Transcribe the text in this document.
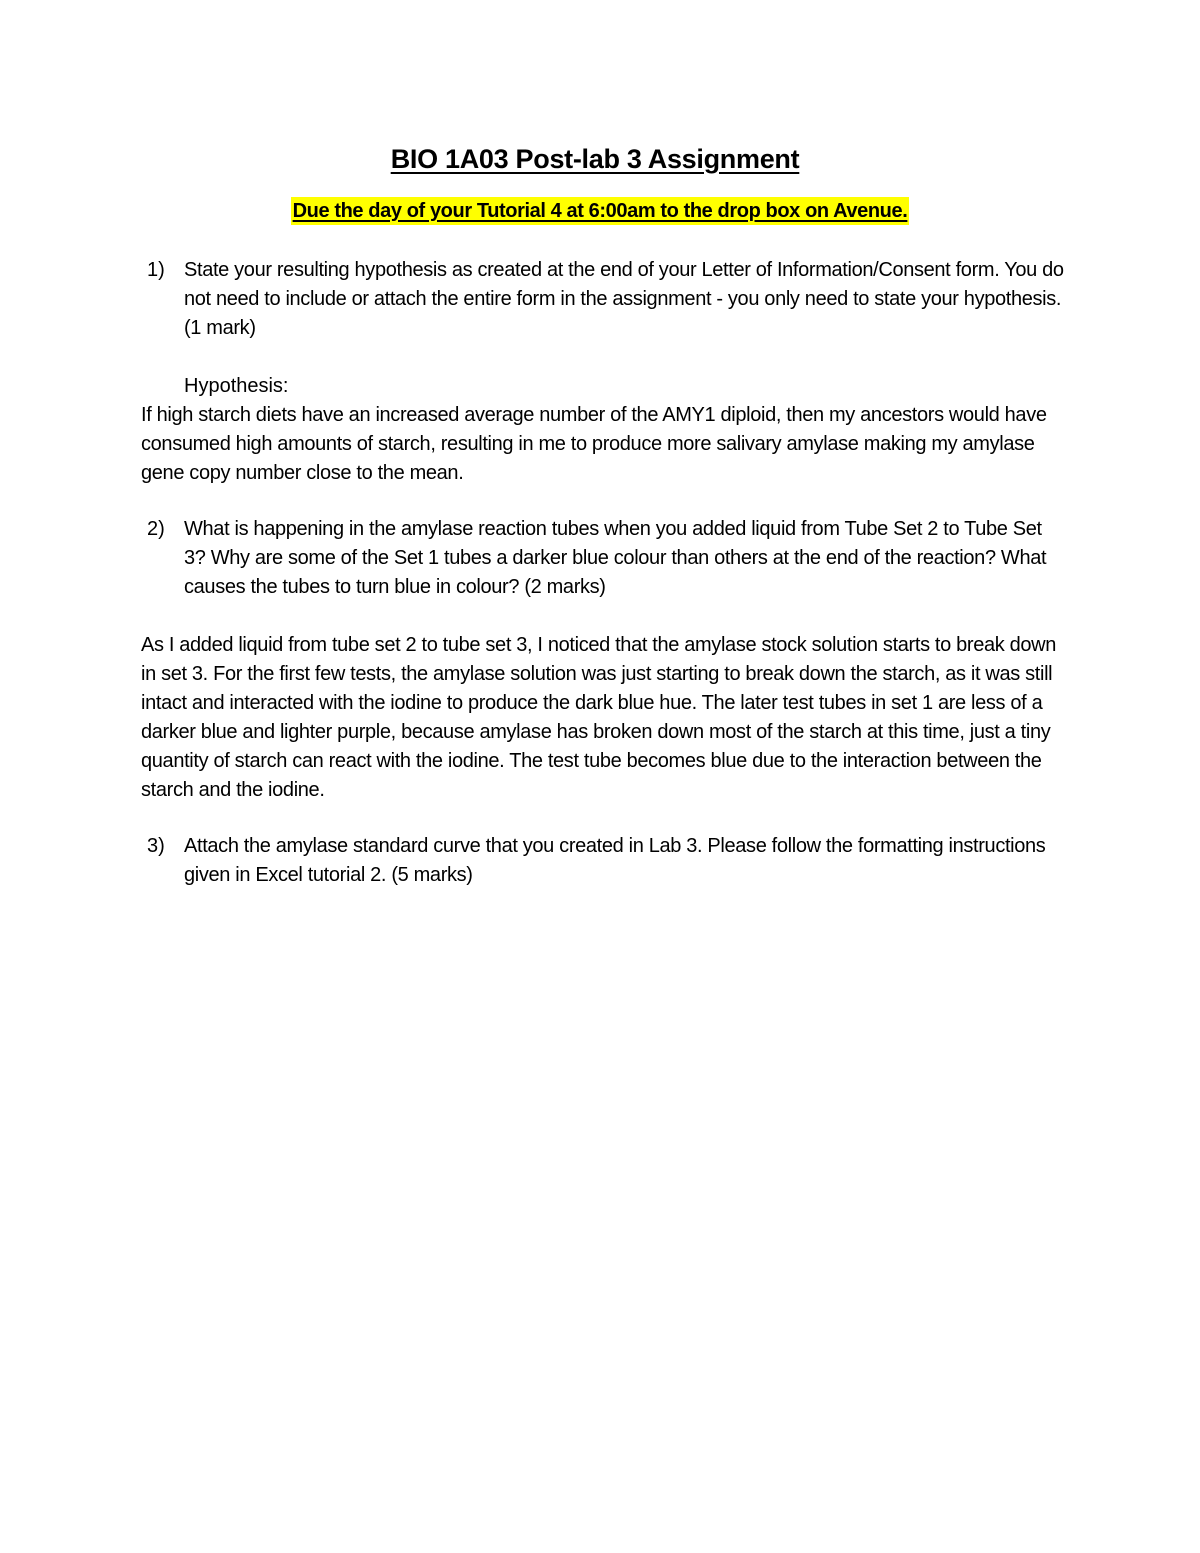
BIO 1A03 Post-lab 3 Assignment
Due the day of your Tutorial 4 at 6:00am to the drop box on Avenue.
1) State your resulting hypothesis as created at the end of your Letter of Information/Consent form. You do not need to include or attach the entire form in the assignment - you only need to state your hypothesis. (1 mark)
Hypothesis:
If high starch diets have an increased average number of the AMY1 diploid, then my ancestors would have consumed high amounts of starch, resulting in me to produce more salivary amylase making my amylase gene copy number close to the mean.
2) What is happening in the amylase reaction tubes when you added liquid from Tube Set 2 to Tube Set 3? Why are some of the Set 1 tubes a darker blue colour than others at the end of the reaction? What causes the tubes to turn blue in colour? (2 marks)
As I added liquid from tube set 2 to tube set 3, I noticed that the amylase stock solution starts to break down in set 3. For the first few tests, the amylase solution was just starting to break down the starch, as it was still intact and interacted with the iodine to produce the dark blue hue. The later test tubes in set 1 are less of a darker blue and lighter purple, because amylase has broken down most of the starch at this time, just a tiny quantity of starch can react with the iodine. The test tube becomes blue due to the interaction between the starch and the iodine.
3) Attach the amylase standard curve that you created in Lab 3. Please follow the formatting instructions given in Excel tutorial 2. (5 marks)
